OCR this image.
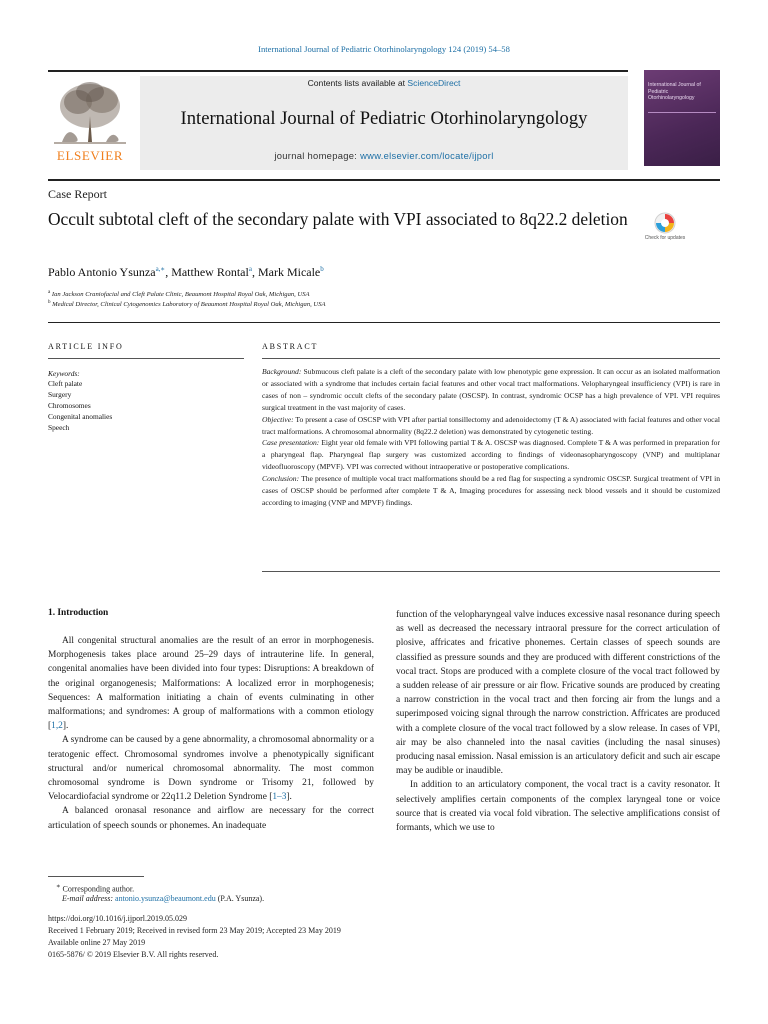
International Journal of Pediatric Otorhinolaryngology 124 (2019) 54–58
ELSEVIER
Contents lists available at ScienceDirect
International Journal of Pediatric Otorhinolaryngology
journal homepage: www.elsevier.com/locate/ijporl
International Journal of Pediatric Otorhinolaryngology
Case Report
Occult subtotal cleft of the secondary palate with VPI associated to 8q22.2 deletion
Check for updates
Pablo Antonio Ysunza$^{a,∗}$, Matthew Rontal$^a$, Mark Micale$^b$
$^a$ Ian Jackson Craniofacial and Cleft Palate Clinic, Beaumont Hospital Royal Oak, Michigan, USA
$^b$ Medical Director, Clinical Cytogenomics Laboratory of Beaumont Hospital Royal Oak, Michigan, USA
ARTICLE INFO	ABSTRACT
Keywords:
Cleft palate
Surgery
Chromosomes
Congenital anomalies
Speech

Background: Submucous cleft palate is a cleft of the secondary palate with low phenotypic gene expression. It can occur as an isolated malformation or associated with a syndrome that includes certain facial features and other vocal tract malformations. Velopharyngeal insufficiency (VPI) is rare in cases of non – syndromic occult clefts of the secondary palate (OSCSP). In contrast, syndromic OCSP has a high prevalence of VPI. VPI requires surgical treatment in the vast majority of cases.

Objective: To present a case of OSCSP with VPI after partial tonsillectomy and adenoidectomy (T & A) associated with facial features and other vocal tract malformations. A chromosomal abnormality (8q22.2 deletion) was demonstrated by cytogenetic testing.

Case presentation: Eight year old female with VPI following partial T & A. OSCSP was diagnosed. Complete T & A was performed in preparation for a pharyngeal flap. Pharyngeal flap surgery was customized according to findings of videonasopharyngoscopy (VNP) and multiplanar videofluoroscopy (MPVF). VPI was corrected without intraoperative or postoperative complications.

Conclusion: The presence of multiple vocal tract malformations should be a red flag for suspecting a syndromic OSCSP. Surgical treatment of VPI in cases of OSCSP should be performed after complete T & A, Imaging procedures for assessing neck blood vessels and it should be customized according to imaging (VNP and MPVF) findings.

1. Introduction

All congenital structural anomalies are the result of an error in morphogenesis. Morphogenesis takes place around 25–29 days of intrauterine life. In general, congenital anomalies have been divided into four types: Disruptions: A breakdown of the original organogenesis; Malformations: A localized error in morphogenesis; Sequences: A malformation initiating a chain of events culminating in other malformations; and syndromes: A group of malformations with a common etiology [1,2].

A syndrome can be caused by a gene abnormality, a chromosomal abnormality or a teratogenic effect. Chromosomal syndromes involve a phenotypically significant structural and/or numerical chromosomal abnormality. The most common chromosomal syndrome is Down syndrome or Trisomy 21, followed by Velocardiofacial syndrome or 22q11.2 Deletion Syndrome [1–3].

A balanced oronasal resonance and airflow are necessary for the correct articulation of speech sounds or phonemes. An inadequate

function of the velopharyngeal valve induces excessive nasal resonance during speech as well as decreased the necessary intraoral pressure for the correct articulation of plosive, affricates and fricative phonemes. Certain classes of speech sounds are classified as pressure sounds and they are produced with different constrictions of the vocal tract. Stops are produced with a complete closure of the vocal tract followed by a sudden release of air pressure or air flow. Fricative sounds are produced by creating a narrow constriction in the vocal tract and then forcing air from the lungs and a superimposed voicing signal through the narrow constriction. Affricates are produced with a complete closure of the vocal tract followed by a slow release. In cases of VPI, air may be also channeled into the nasal cavities (including the nasal sinuses) producing nasal emission. Nasal emission is an articulatory deficit and such air escape may be audible or inaudible.

In addition to an articulatory component, the vocal tract is a cavity resonator. It selectively amplifies certain components of the complex laryngeal tone or voice source that is created via vocal fold vibration. The selective amplifications consist of formants, which we use to

∗ Corresponding author.
E-mail address: antonio.ysunza@beaumont.edu (P.A. Ysunza).
https://doi.org/10.1016/j.ijporl.2019.05.029
Received 1 February 2019; Received in revised form 23 May 2019; Accepted 23 May 2019
Available online 27 May 2019
0165-5876/ © 2019 Elsevier B.V. All rights reserved.
